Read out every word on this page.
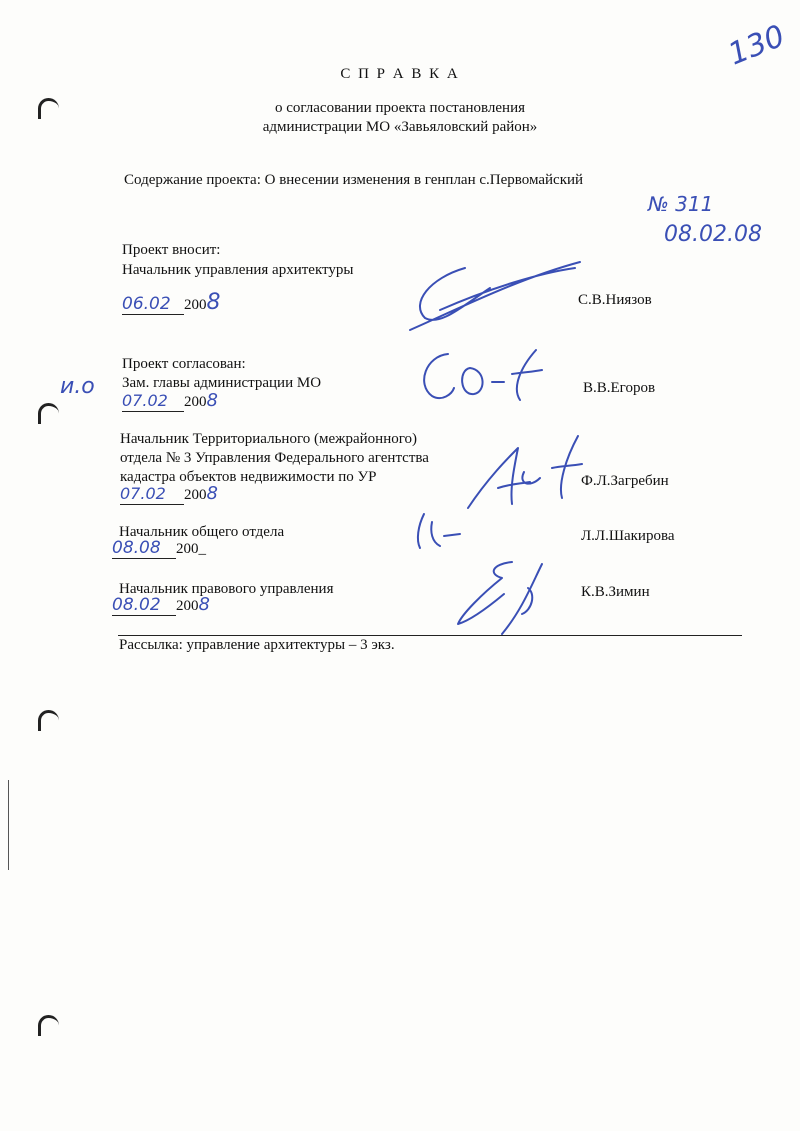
130
С П Р А В К А
о согласовании проекта постановления
администрации МО «Завьяловский район»
Содержание проекта: О внесении изменения в генплан с.Первомайский
№ 311
08.02.08
Проект вносит:
Начальник управления архитектуры
06.02 2008	С.В.Ниязов
Проект согласован:
и.о Зам. главы администрации МО
07.02 2008
В.В.Егоров
Начальник Территориального (межрайонного)
отдела № 3 Управления Федерального агентства
кадастра объектов недвижимости по УР
07.02 2008
Ф.Л.Загребин
Начальник общего отдела
08.08 200_
Л.Л.Шакирова
Начальник правового управления
08.02 2008
К.В.Зимин
Рассылка: управление архитектуры – 3 экз.
